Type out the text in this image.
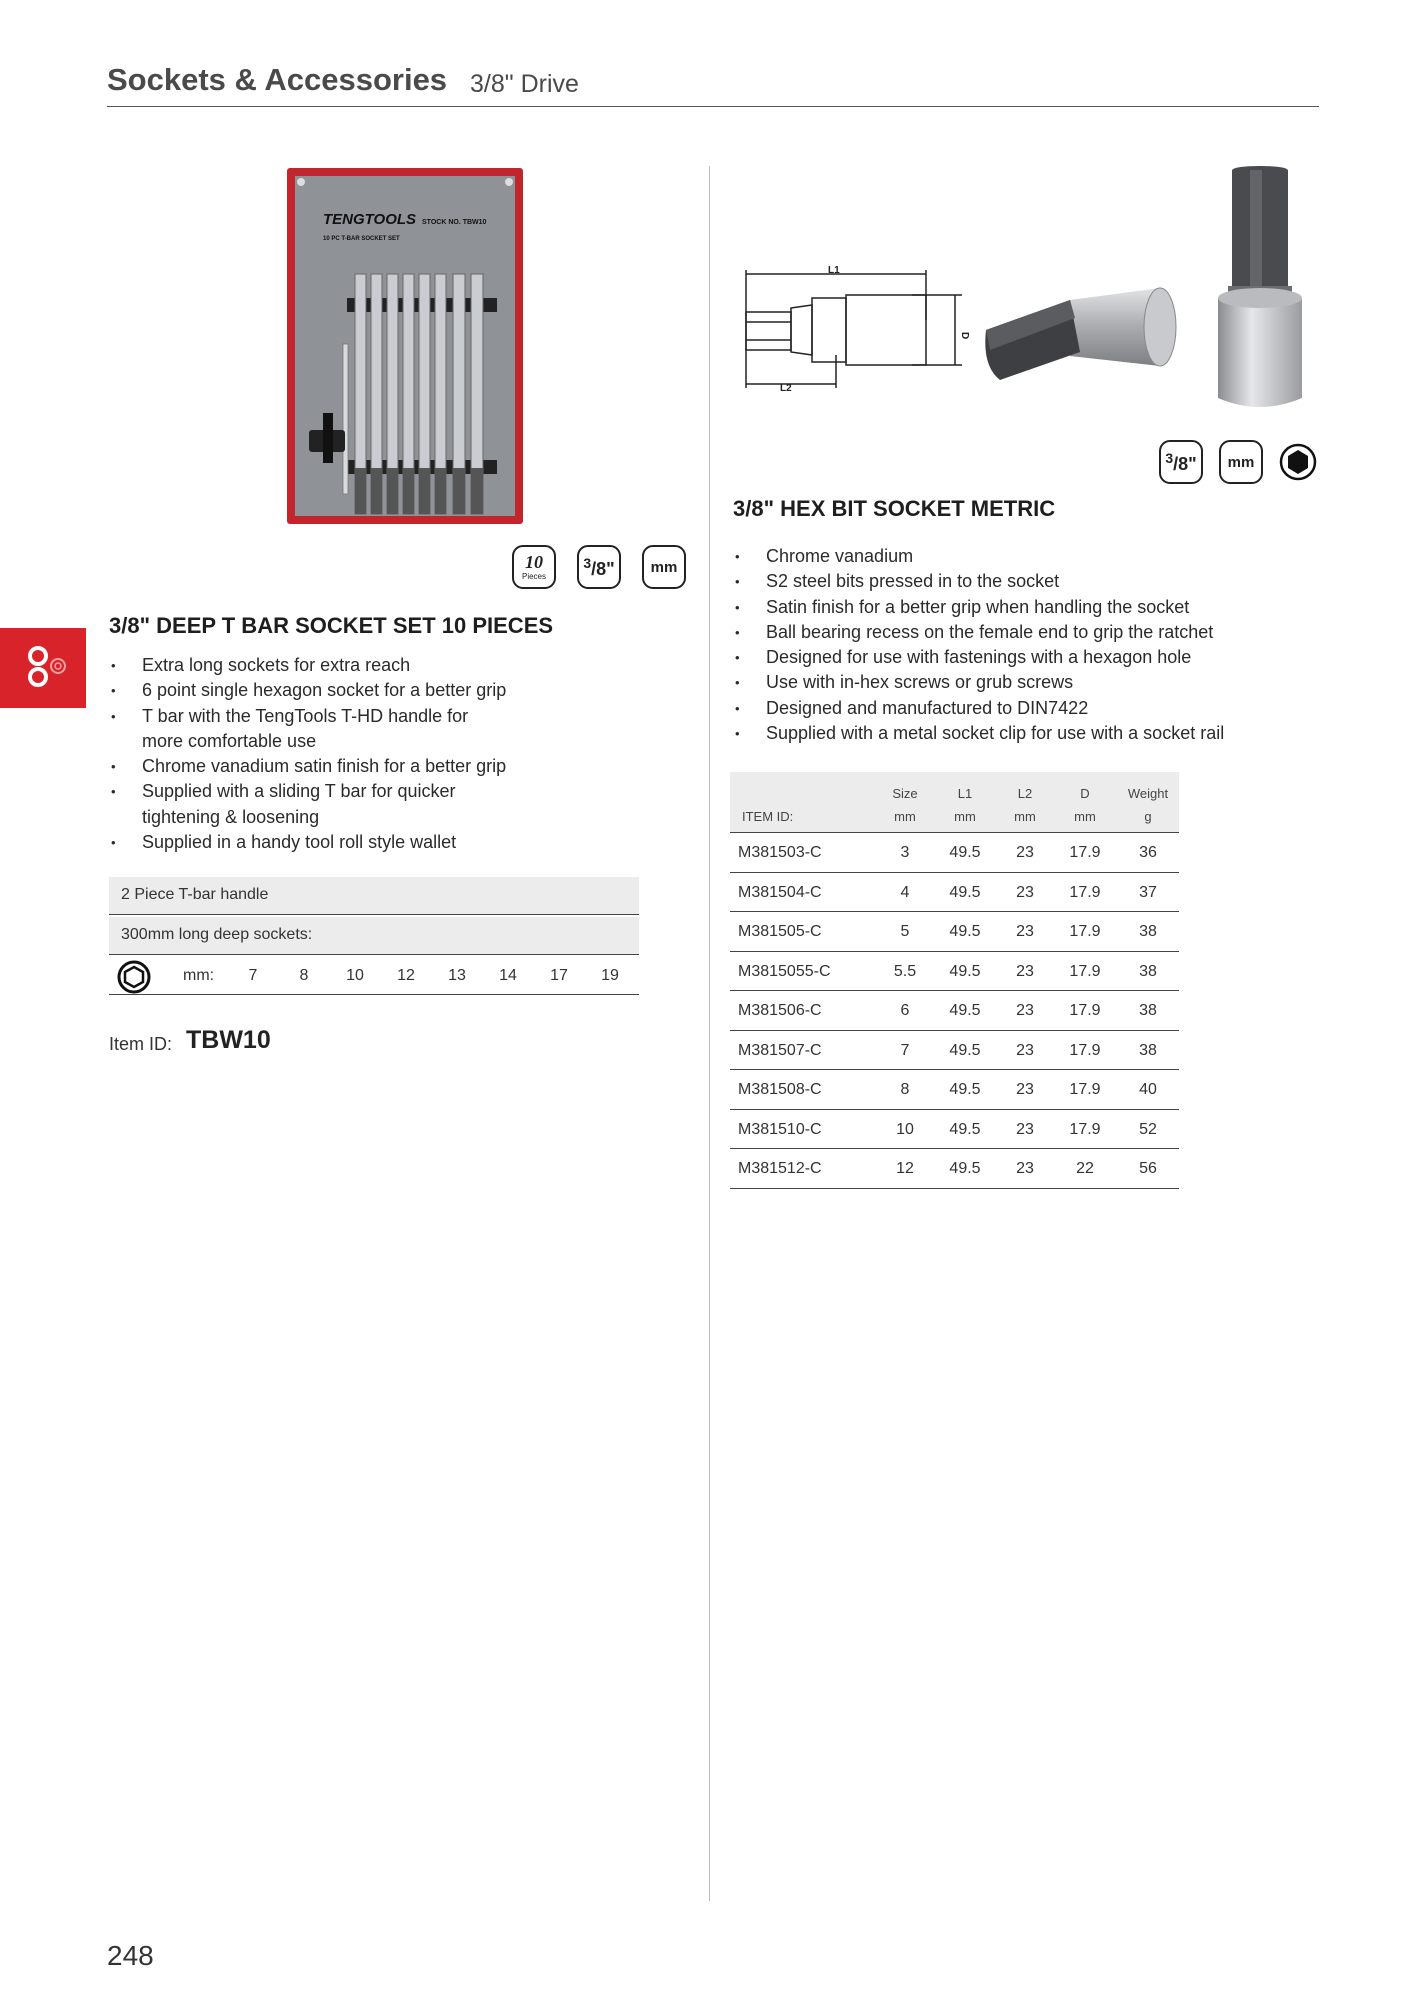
Sockets & Accessories 3/8" Drive
TENGTOOLS STOCK NO. TBW10
10 PC T-BAR SOCKET SET
10
Pieces
$^3$/8" mm
3/8" DEEP T BAR SOCKET SET 10 PIECES
• Extra long sockets for extra reach
• 6 point single hexagon socket for a better grip
• T bar with the TengTools T-HD handle for more comfortable use
• Chrome vanadium satin finish for a better grip
• Supplied with a sliding T bar for quicker tightening & loosening
• Supplied in a handy tool roll style wallet
2 Piece T-bar handle
300mm long deep sockets:
mm:	7	8	10	12	13	14	17	19
Item ID: TBW10
L1
L2
D
$^3$/8" mm
3/8" HEX BIT SOCKET METRIC
• Chrome vanadium
• S2 steel bits pressed in to the socket
• Satin finish for a better grip when handling the socket
• Ball bearing recess on the female end to grip the ratchet
• Designed for use with fastenings with a hexagon hole
• Use with in-hex screws or grub screws
• Designed and manufactured to DIN7422
• Supplied with a metal socket clip for use with a socket rail
ITEM ID:
Size	L1	L2	D	Weight
mm	mm	mm	mm	g
M381503-C	3	49.5	23	17.9	36
M381504-C	4	49.5	23	17.9	37
M381505-C	5	49.5	23	17.9	38
M3815055-C	5.5	49.5	23	17.9	38
M381506-C	6	49.5	23	17.9	38
M381507-C	7	49.5	23	17.9	38
M381508-C	8	49.5	23	17.9	40
M381510-C	10	49.5	23	17.9	52
M381512-C	12	49.5	23	22	56
248
